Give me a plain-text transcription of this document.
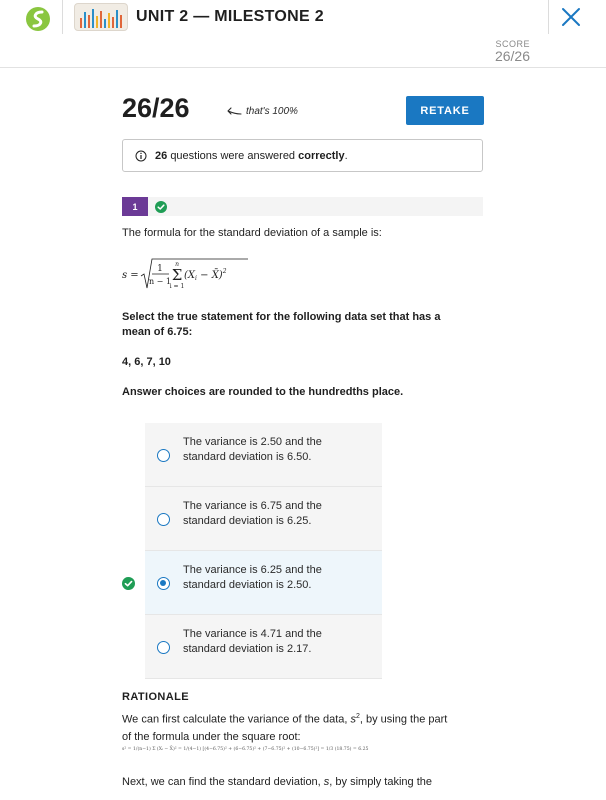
UNIT 2 — MILESTONE 2
SCORE
26/26
26/26	that's 100%	RETAKE
26 questions were answered correctly.
1
The formula for the standard deviation of a sample is:
s =
1
n − 1
n
Σ
i = 1
($X_i$ − X̄)$^2$
Select the true statement for the following data set that has a
mean of 6.75:
4, 6, 7, 10
Answer choices are rounded to the hundredths place.
The variance is 2.50 and the
standard deviation is 6.50.
The variance is 6.75 and the
standard deviation is 6.25.
The variance is 6.25 and the
standard deviation is 2.50.
The variance is 4.71 and the
standard deviation is 2.17.
RATIONALE
We can first calculate the variance of the data, $s^2$, by using the part
of the formula under the square root:
s² = 1/(n−1) Σ (Xᵢ − X̄)² = 1/(4−1) [(4−6.75)² + (6−6.75)² + (7−6.75)² + (10−6.75)²] = 1/3 (18.75) = 6.25
Next, we can find the standard deviation, s, by simply taking the
